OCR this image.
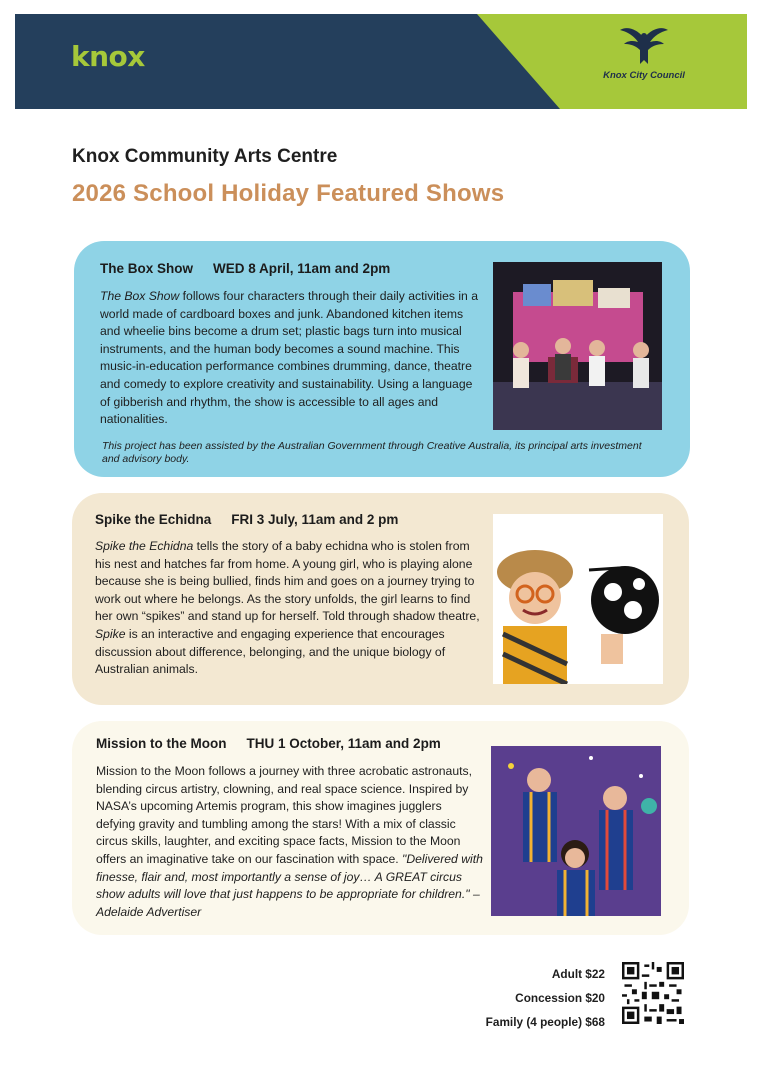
knox
Knox City Council
Knox Community Arts Centre
2026 School Holiday Featured Shows
The Box Show WED 8 April, 11am and 2pm
The Box Show follows four characters through their daily activities in a world made of cardboard boxes and junk. Abandoned kitchen items and wheelie bins become a drum set; plastic bags turn into musical instruments, and the human body becomes a sound machine. This music-in-education performance combines drumming, dance, theatre and comedy to explore creativity and sustainability. Using a language of gibberish and rhythm, the show is accessible to all ages and nationalities.
This project has been assisted by the Australian Government through Creative Australia, its principal arts investment and advisory body.
Spike the Echidna FRI 3 July, 11am and 2 pm
Spike the Echidna tells the story of a baby echidna who is stolen from his nest and hatches far from home. A young girl, who is playing alone because she is being bullied, finds him and goes on a journey trying to work out where he belongs. As the story unfolds, the girl learns to find her own “spikes” and stand up for herself. Told through shadow theatre, Spike is an interactive and engaging experience that encourages discussion about difference, belonging, and the unique biology of Australian animals.
Mission to the Moon THU 1 October, 11am and 2pm
Mission to the Moon follows a journey with three acrobatic astronauts, blending circus artistry, clowning, and real space science. Inspired by NASA’s upcoming Artemis program, this show imagines jugglers defying gravity and tumbling among the stars! With a mix of classic circus skills, laughter, and exciting space facts, Mission to the Moon offers an imaginative take on our fascination with space. "Delivered with finesse, flair and, most importantly a sense of joy… A GREAT circus show adults will love that just happens to be appropriate for children." – Adelaide Advertiser
Adult $22
Concession $20
Family (4 people) $68
